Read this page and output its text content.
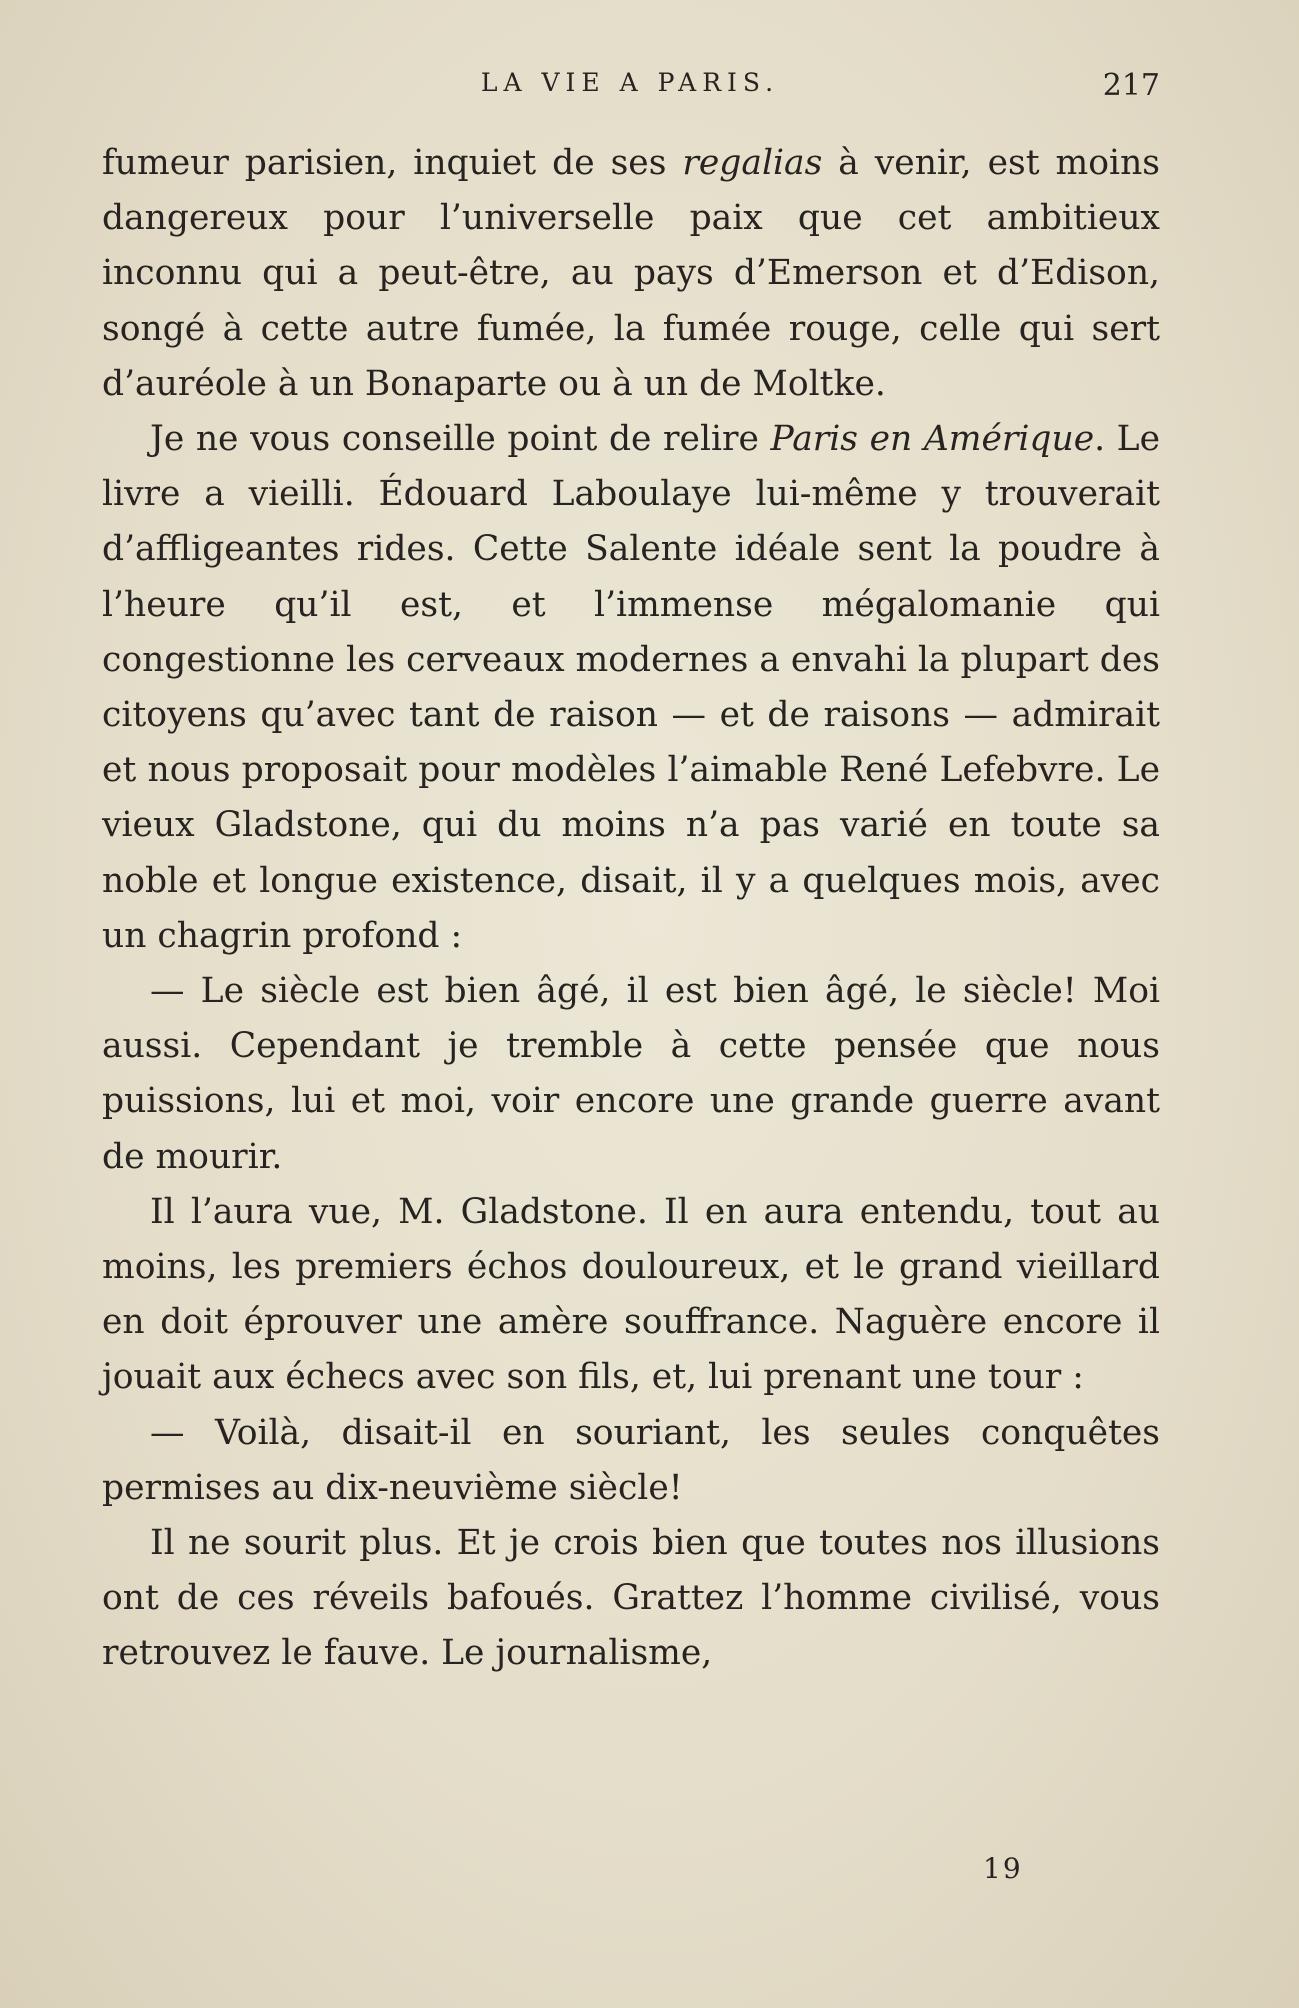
LA VIE A PARIS.	217

fumeur parisien, inquiet de ses regalias à venir, est moins dangereux pour l’universelle paix que cet ambitieux inconnu qui a peut-être, au pays d’Emerson et d’Edison, songé à cette autre fumée, la fumée rouge, celle qui sert d’auréole à un Bonaparte ou à un de Moltke.

Je ne vous conseille point de relire Paris en Amérique. Le livre a vieilli. Édouard Laboulaye lui-même y trouverait d’affligeantes rides. Cette Salente idéale sent la poudre à l’heure qu’il est, et l’immense mégalomanie qui congestionne les cerveaux modernes a envahi la plupart des citoyens qu’avec tant de raison — et de raisons — admirait et nous proposait pour modèles l’aimable René Lefebvre. Le vieux Gladstone, qui du moins n’a pas varié en toute sa noble et longue existence, disait, il y a quelques mois, avec un chagrin profond :

— Le siècle est bien âgé, il est bien âgé, le siècle! Moi aussi. Cependant je tremble à cette pensée que nous puissions, lui et moi, voir encore une grande guerre avant de mourir.

Il l’aura vue, M. Gladstone. Il en aura entendu, tout au moins, les premiers échos douloureux, et le grand vieillard en doit éprouver une amère souffrance. Naguère encore il jouait aux échecs avec son fils, et, lui prenant une tour :

— Voilà, disait-il en souriant, les seules conquêtes permises au dix-neuvième siècle!

Il ne sourit plus. Et je crois bien que toutes nos illusions ont de ces réveils bafoués. Grattez l’homme civilisé, vous retrouvez le fauve. Le journalisme,

19
